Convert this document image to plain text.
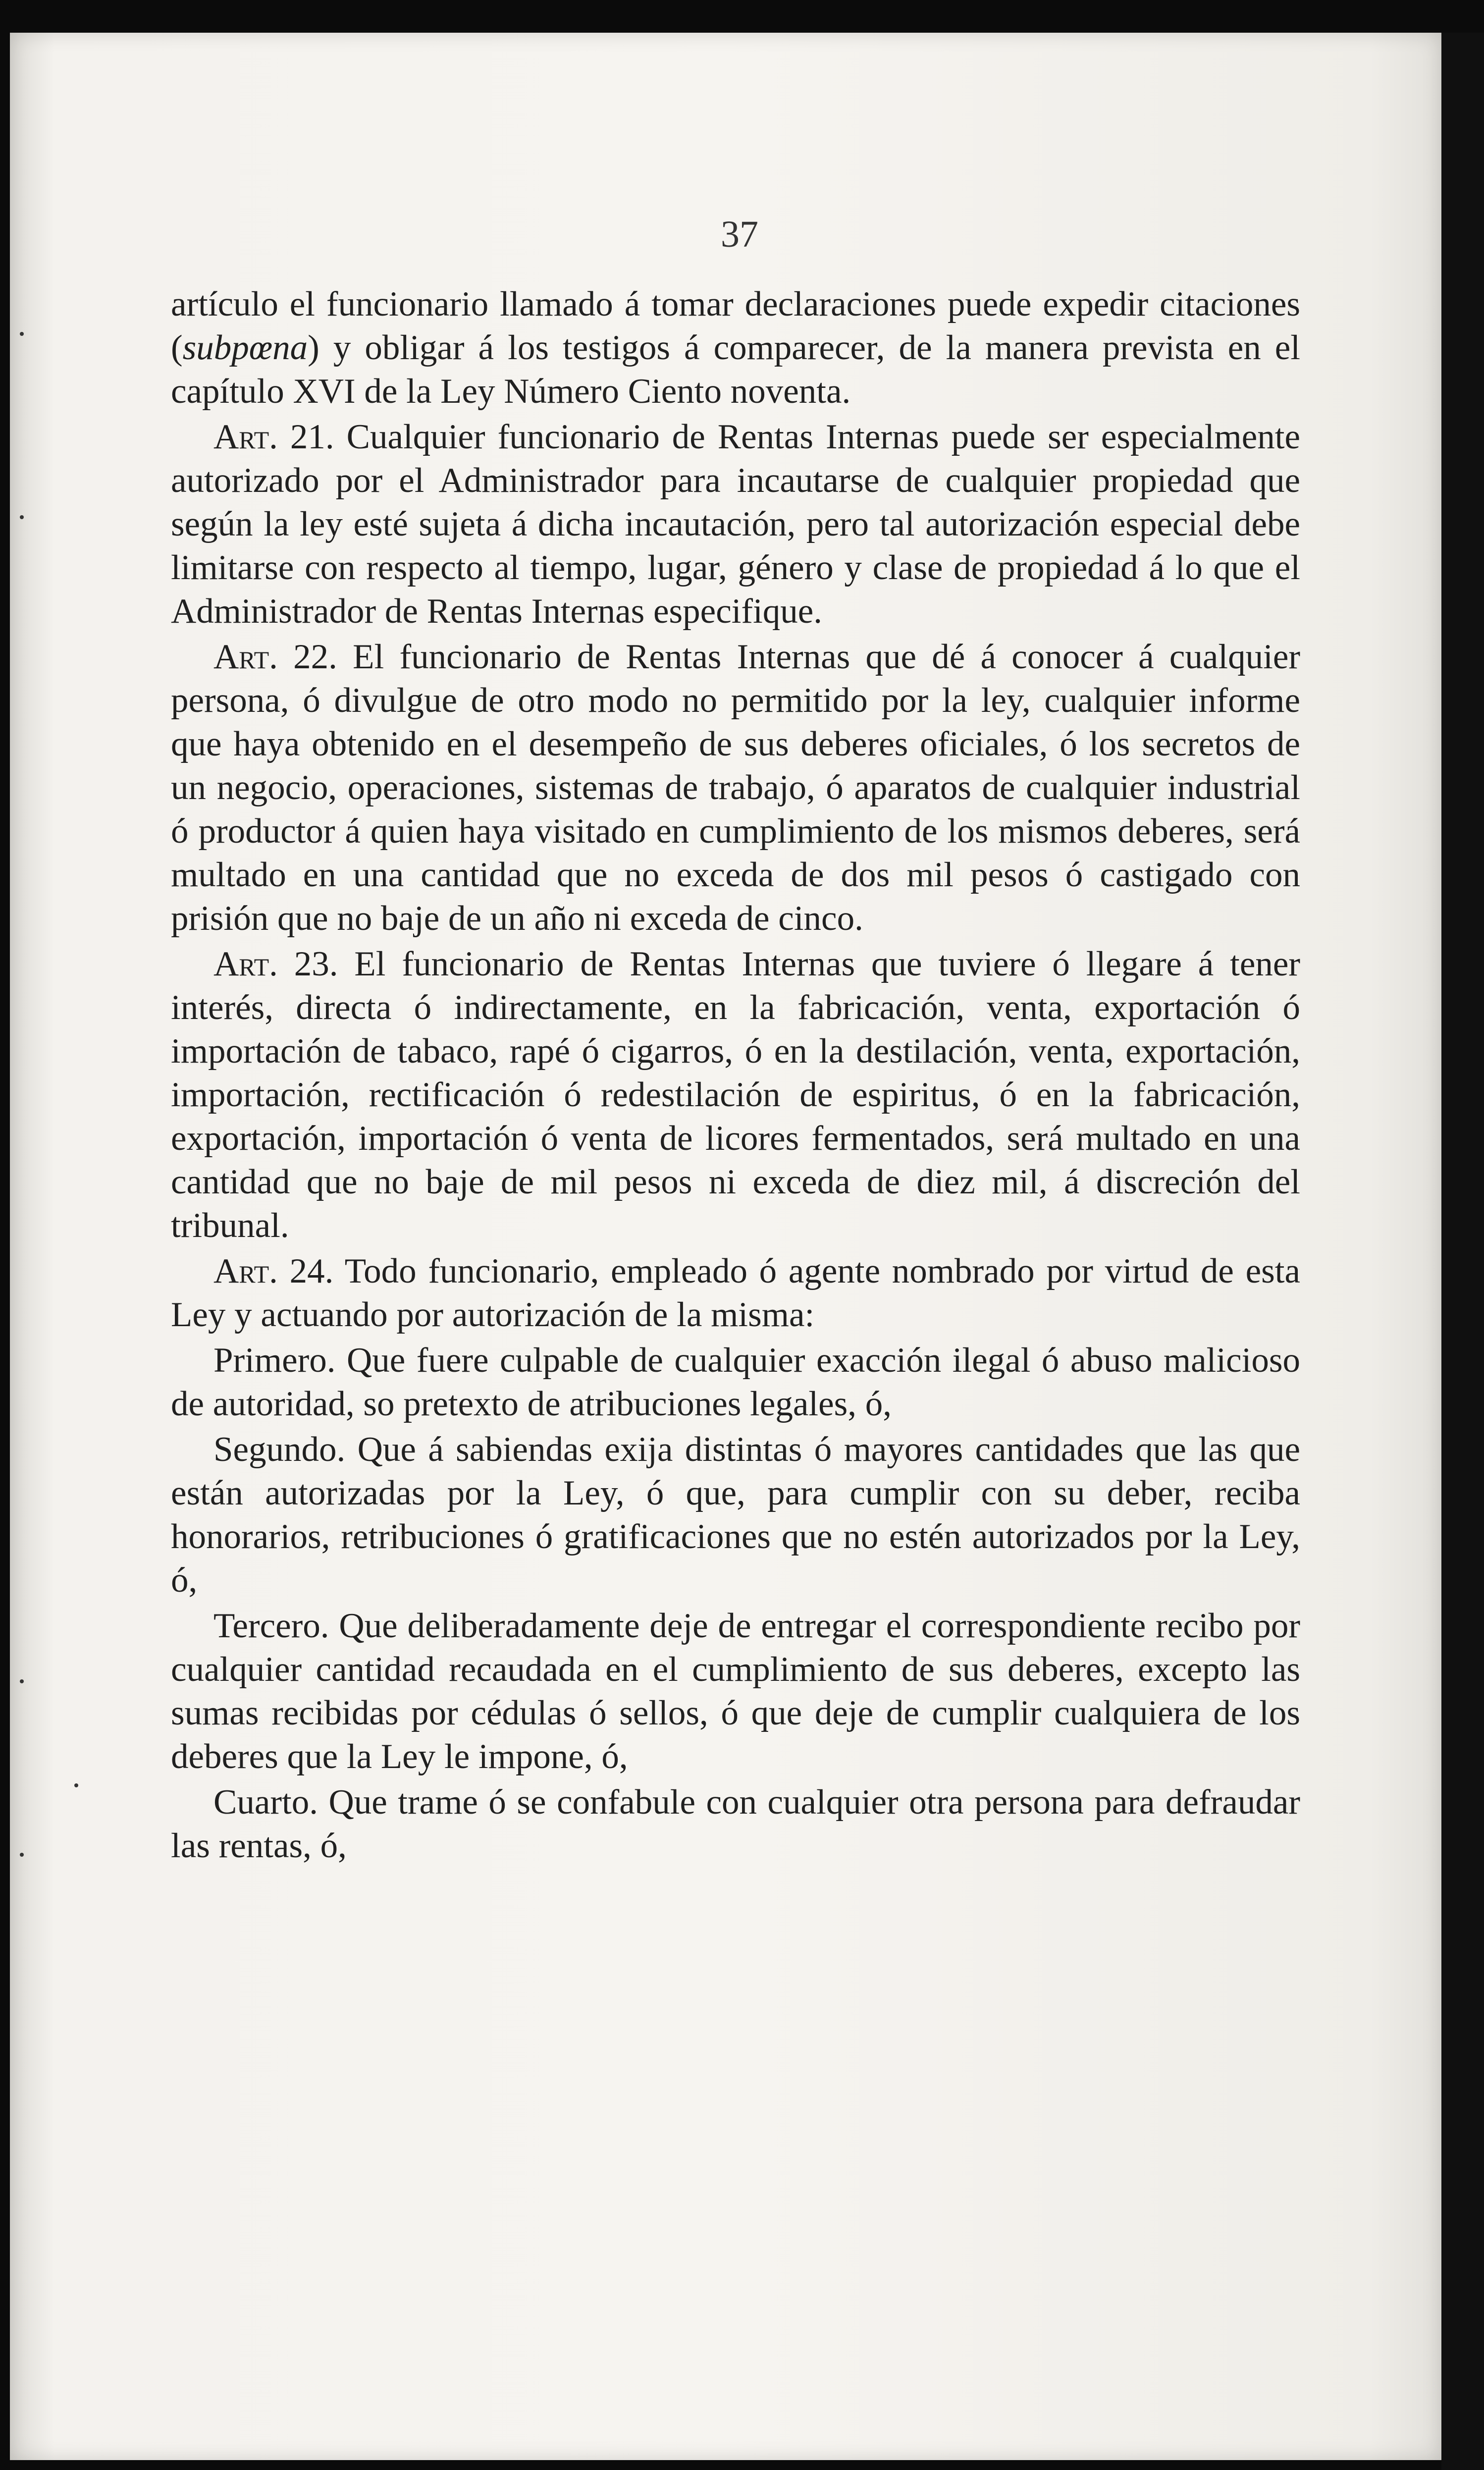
37

artículo el funcionario llamado á tomar declaraciones puede expedir citaciones (subpœna) y obligar á los testigos á comparecer, de la manera prevista en el capítulo XVI de la Ley Número Ciento noventa.

Art. 21. Cualquier funcionario de Rentas Internas puede ser especialmente autorizado por el Administrador para incautarse de cualquier propiedad que según la ley esté sujeta á dicha incautación, pero tal autorización especial debe limitarse con respecto al tiempo, lugar, género y clase de propiedad á lo que el Administrador de Rentas Internas especifique.

Art. 22. El funcionario de Rentas Internas que dé á conocer á cualquier persona, ó divulgue de otro modo no permitido por la ley, cualquier informe que haya obtenido en el desempeño de sus deberes oficiales, ó los secretos de un negocio, operaciones, sistemas de trabajo, ó aparatos de cualquier industrial ó productor á quien haya visitado en cumplimiento de los mismos deberes, será multado en una cantidad que no exceda de dos mil pesos ó castigado con prisión que no baje de un año ni exceda de cinco.

Art. 23. El funcionario de Rentas Internas que tuviere ó llegare á tener interés, directa ó indirectamente, en la fabricación, venta, exportación ó importación de tabaco, rapé ó cigarros, ó en la destilación, venta, exportación, importación, rectificación ó redestilación de espiritus, ó en la fabricación, exportación, importación ó venta de licores fermentados, será multado en una cantidad que no baje de mil pesos ni exceda de diez mil, á discreción del tribunal.

Art. 24. Todo funcionario, empleado ó agente nombrado por virtud de esta Ley y actuando por autorización de la misma:

Primero. Que fuere culpable de cualquier exacción ilegal ó abuso malicioso de autoridad, so pretexto de atribuciones legales, ó,

Segundo. Que á sabiendas exija distintas ó mayores cantidades que las que están autorizadas por la Ley, ó que, para cumplir con su deber, reciba honorarios, retribuciones ó gratificaciones que no estén autorizados por la Ley, ó,

Tercero. Que deliberadamente deje de entregar el correspondiente recibo por cualquier cantidad recaudada en el cumplimiento de sus deberes, excepto las sumas recibidas por cédulas ó sellos, ó que deje de cumplir cualquiera de los deberes que la Ley le impone, ó,

Cuarto. Que trame ó se confabule con cualquier otra persona para defraudar las rentas, ó,
